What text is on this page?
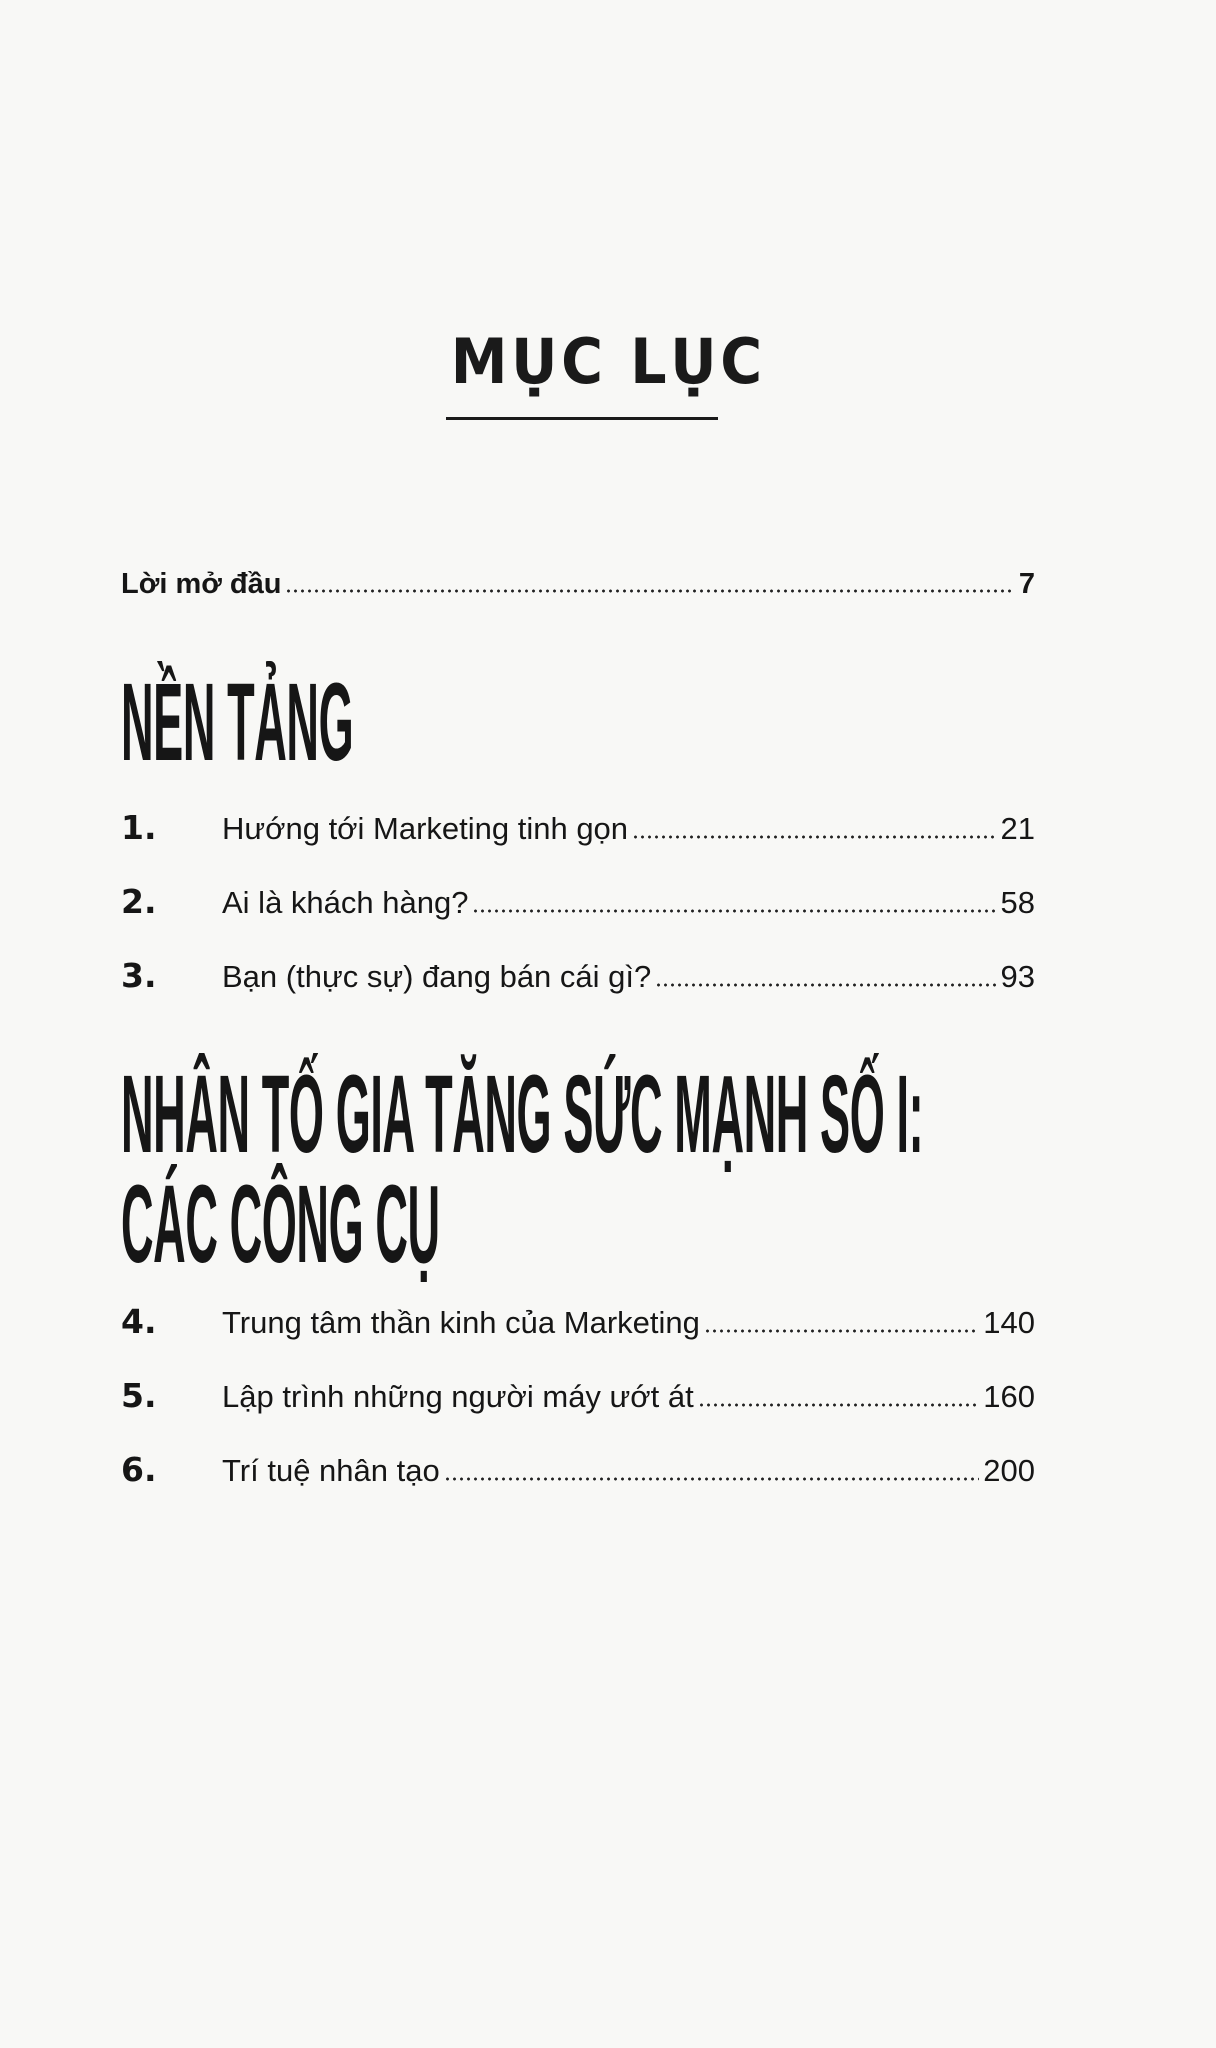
MỤC LỤC
Lời mở đầu	7
NỀN TẢNG
1.	Hướng tới Marketing tinh gọn	21
2.	Ai là khách hàng?	58
3.	Bạn (thực sự) đang bán cái gì?	93
NHÂN TỐ GIA TĂNG SỨC MẠNH SỐ I:
CÁC CÔNG CỤ
4.	Trung tâm thần kinh của Marketing	140
5.	Lập trình những người máy ướt át	160
6.	Trí tuệ nhân tạo	200
